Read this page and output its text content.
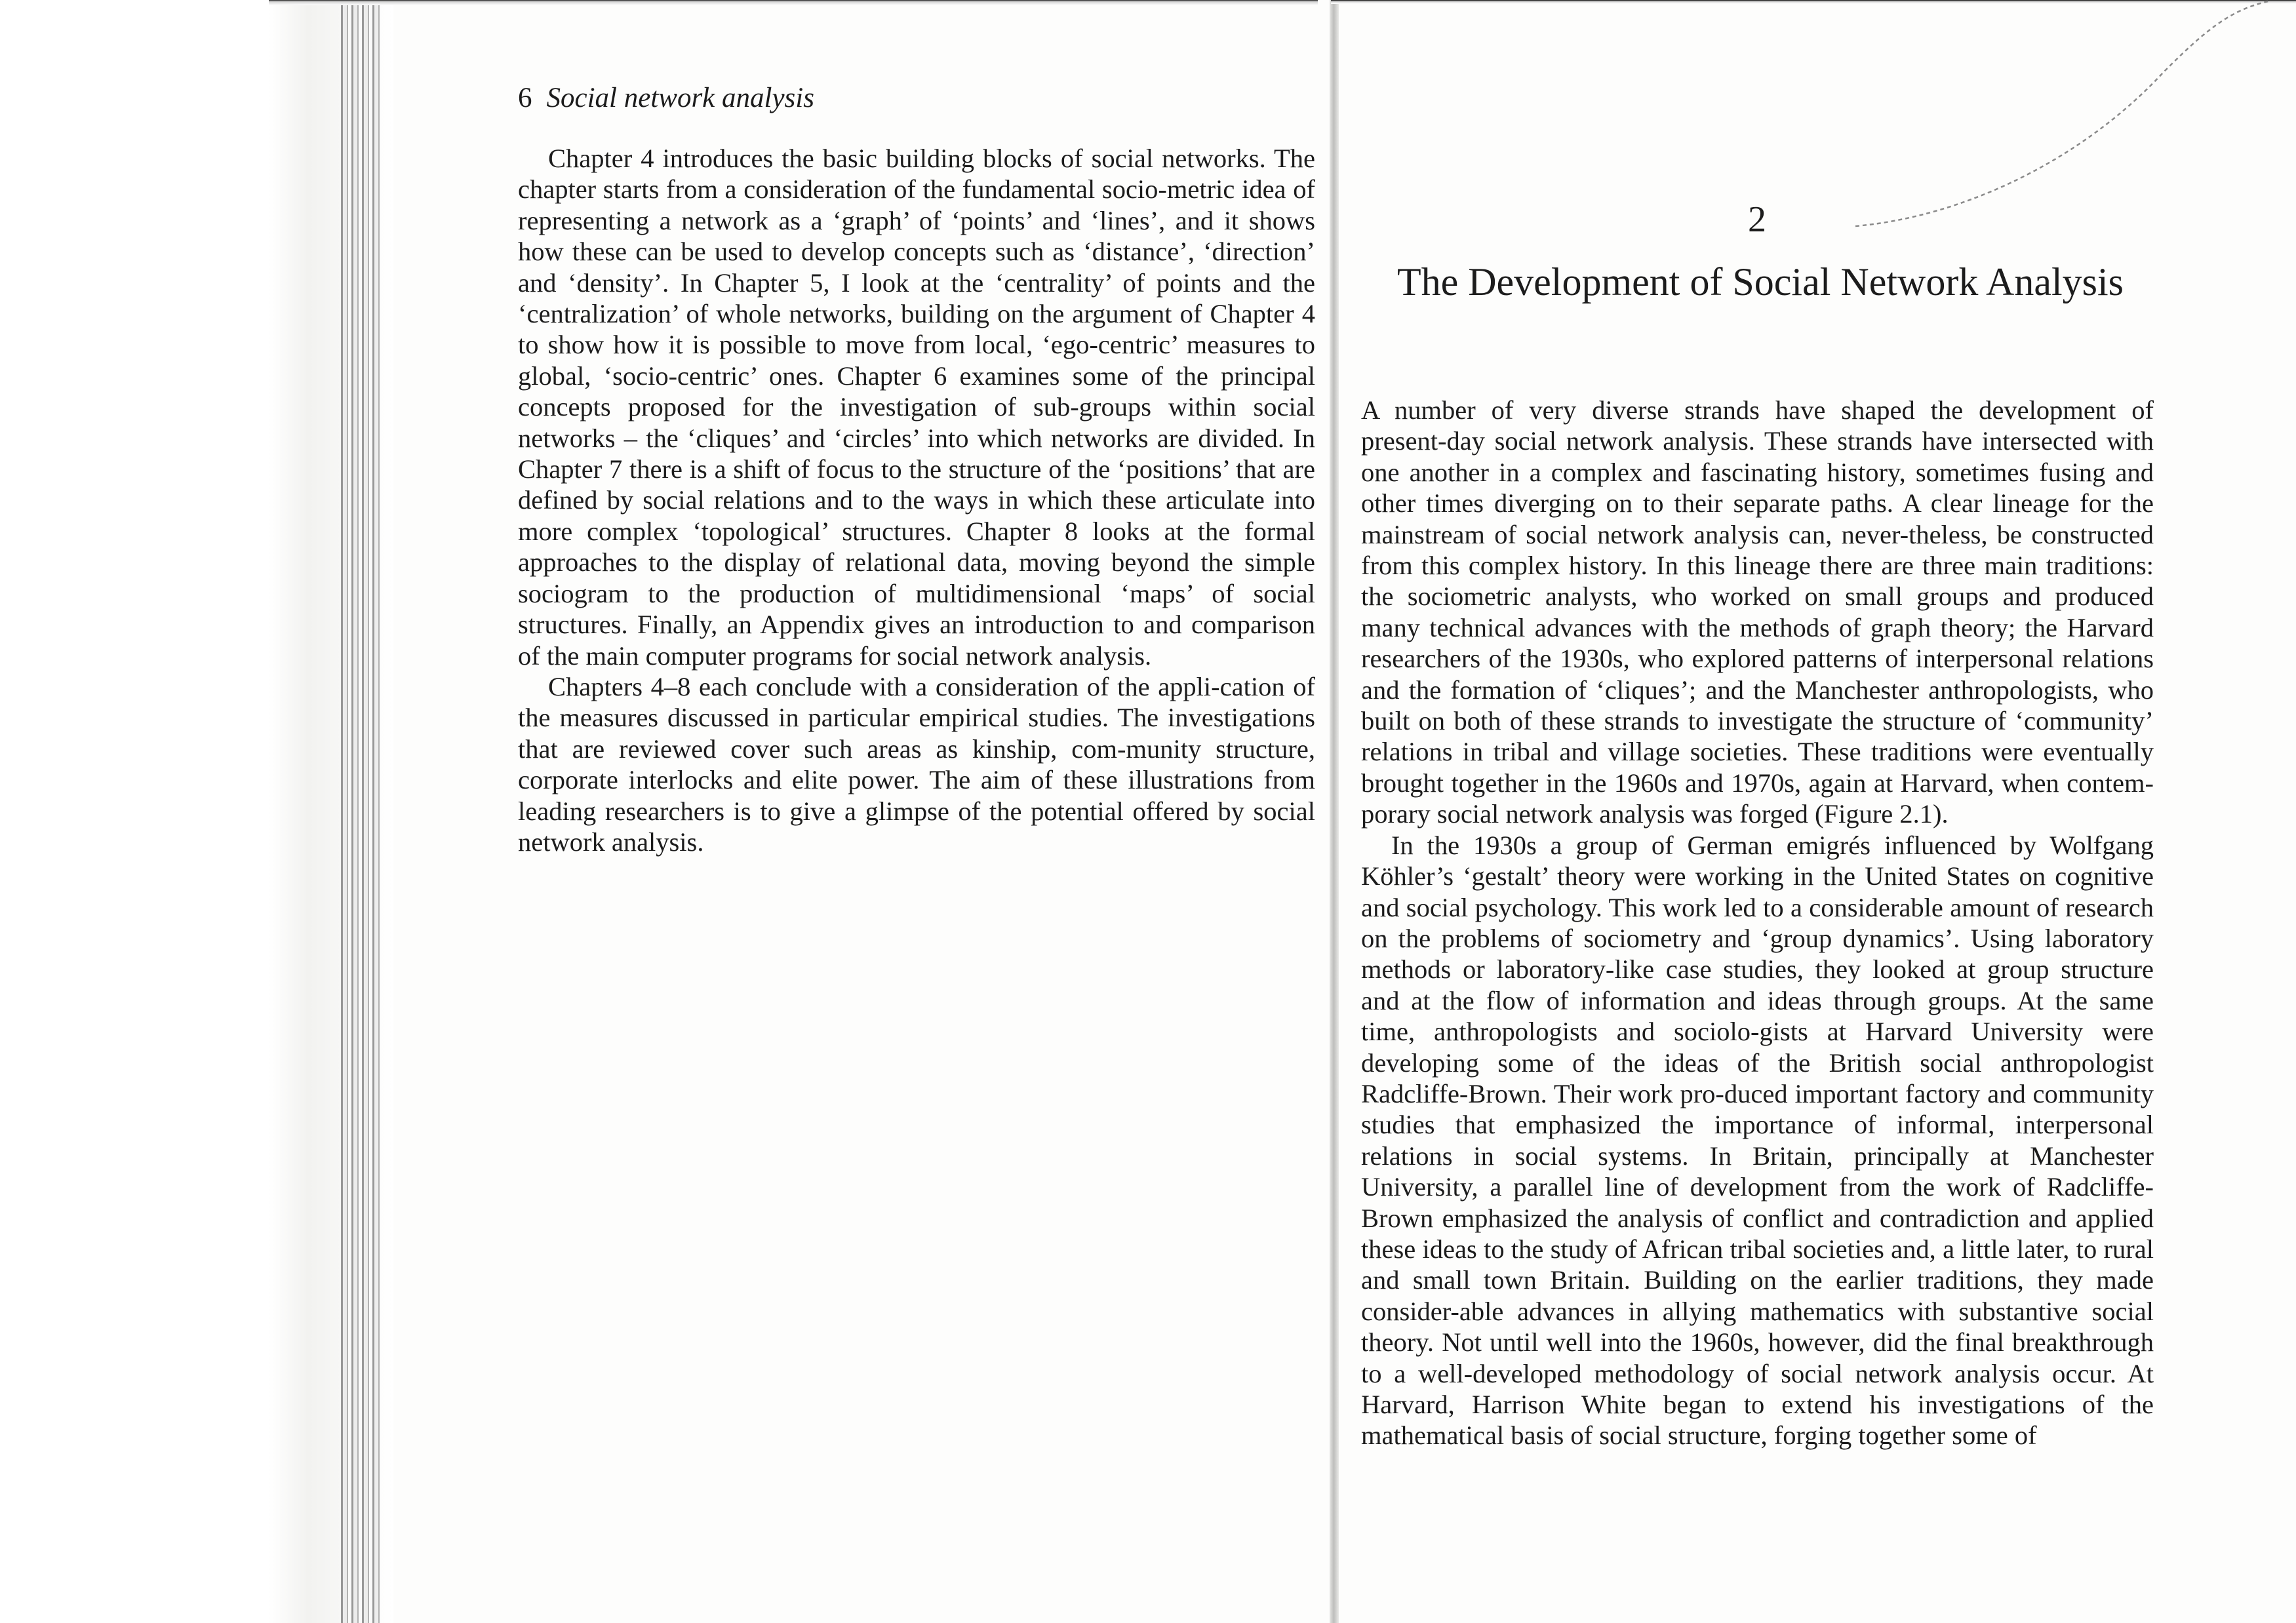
6 Social network analysis

Chapter 4 introduces the basic building blocks of social networks. The chapter starts from a consideration of the fundamental socio-metric idea of representing a network as a ‘graph’ of ‘points’ and ‘lines’, and it shows how these can be used to develop concepts such as ‘distance’, ‘direction’ and ‘density’. In Chapter 5, I look at the ‘centrality’ of points and the ‘centralization’ of whole networks, building on the argument of Chapter 4 to show how it is possible to move from local, ‘ego-centric’ measures to global, ‘socio-centric’ ones. Chapter 6 examines some of the principal concepts proposed for the investigation of sub-groups within social networks – the ‘cliques’ and ‘circles’ into which networks are divided. In Chapter 7 there is a shift of focus to the structure of the ‘positions’ that are defined by social relations and to the ways in which these articulate into more complex ‘topological’ structures. Chapter 8 looks at the formal approaches to the display of relational data, moving beyond the simple sociogram to the production of multidimensional ‘maps’ of social structures. Finally, an Appendix gives an introduction to and comparison of the main computer programs for social network analysis.

Chapters 4–8 each conclude with a consideration of the appli-cation of the measures discussed in particular empirical studies. The investigations that are reviewed cover such areas as kinship, com-munity structure, corporate interlocks and elite power. The aim of these illustrations from leading researchers is to give a glimpse of the potential offered by social network analysis.

2
The Development of Social Network Analysis

A number of very diverse strands have shaped the development of present-day social network analysis. These strands have intersected with one another in a complex and fascinating history, sometimes fusing and other times diverging on to their separate paths. A clear lineage for the mainstream of social network analysis can, never-theless, be constructed from this complex history. In this lineage there are three main traditions: the sociometric analysts, who worked on small groups and produced many technical advances with the methods of graph theory; the Harvard researchers of the 1930s, who explored patterns of interpersonal relations and the formation of ‘cliques’; and the Manchester anthropologists, who built on both of these strands to investigate the structure of ‘community’ relations in tribal and village societies. These traditions were eventually brought together in the 1960s and 1970s, again at Harvard, when contem-porary social network analysis was forged (Figure 2.1).

In the 1930s a group of German emigrés influenced by Wolfgang Köhler’s ‘gestalt’ theory were working in the United States on cognitive and social psychology. This work led to a considerable amount of research on the problems of sociometry and ‘group dynamics’. Using laboratory methods or laboratory-like case studies, they looked at group structure and at the flow of information and ideas through groups. At the same time, anthropologists and sociolo-gists at Harvard University were developing some of the ideas of the British social anthropologist Radcliffe-Brown. Their work pro-duced important factory and community studies that emphasized the importance of informal, interpersonal relations in social systems. In Britain, principally at Manchester University, a parallel line of development from the work of Radcliffe-Brown emphasized the analysis of conflict and contradiction and applied these ideas to the study of African tribal societies and, a little later, to rural and small town Britain. Building on the earlier traditions, they made consider-able advances in allying mathematics with substantive social theory. Not until well into the 1960s, however, did the final breakthrough to a well-developed methodology of social network analysis occur. At Harvard, Harrison White began to extend his investigations of the mathematical basis of social structure, forging together some of
